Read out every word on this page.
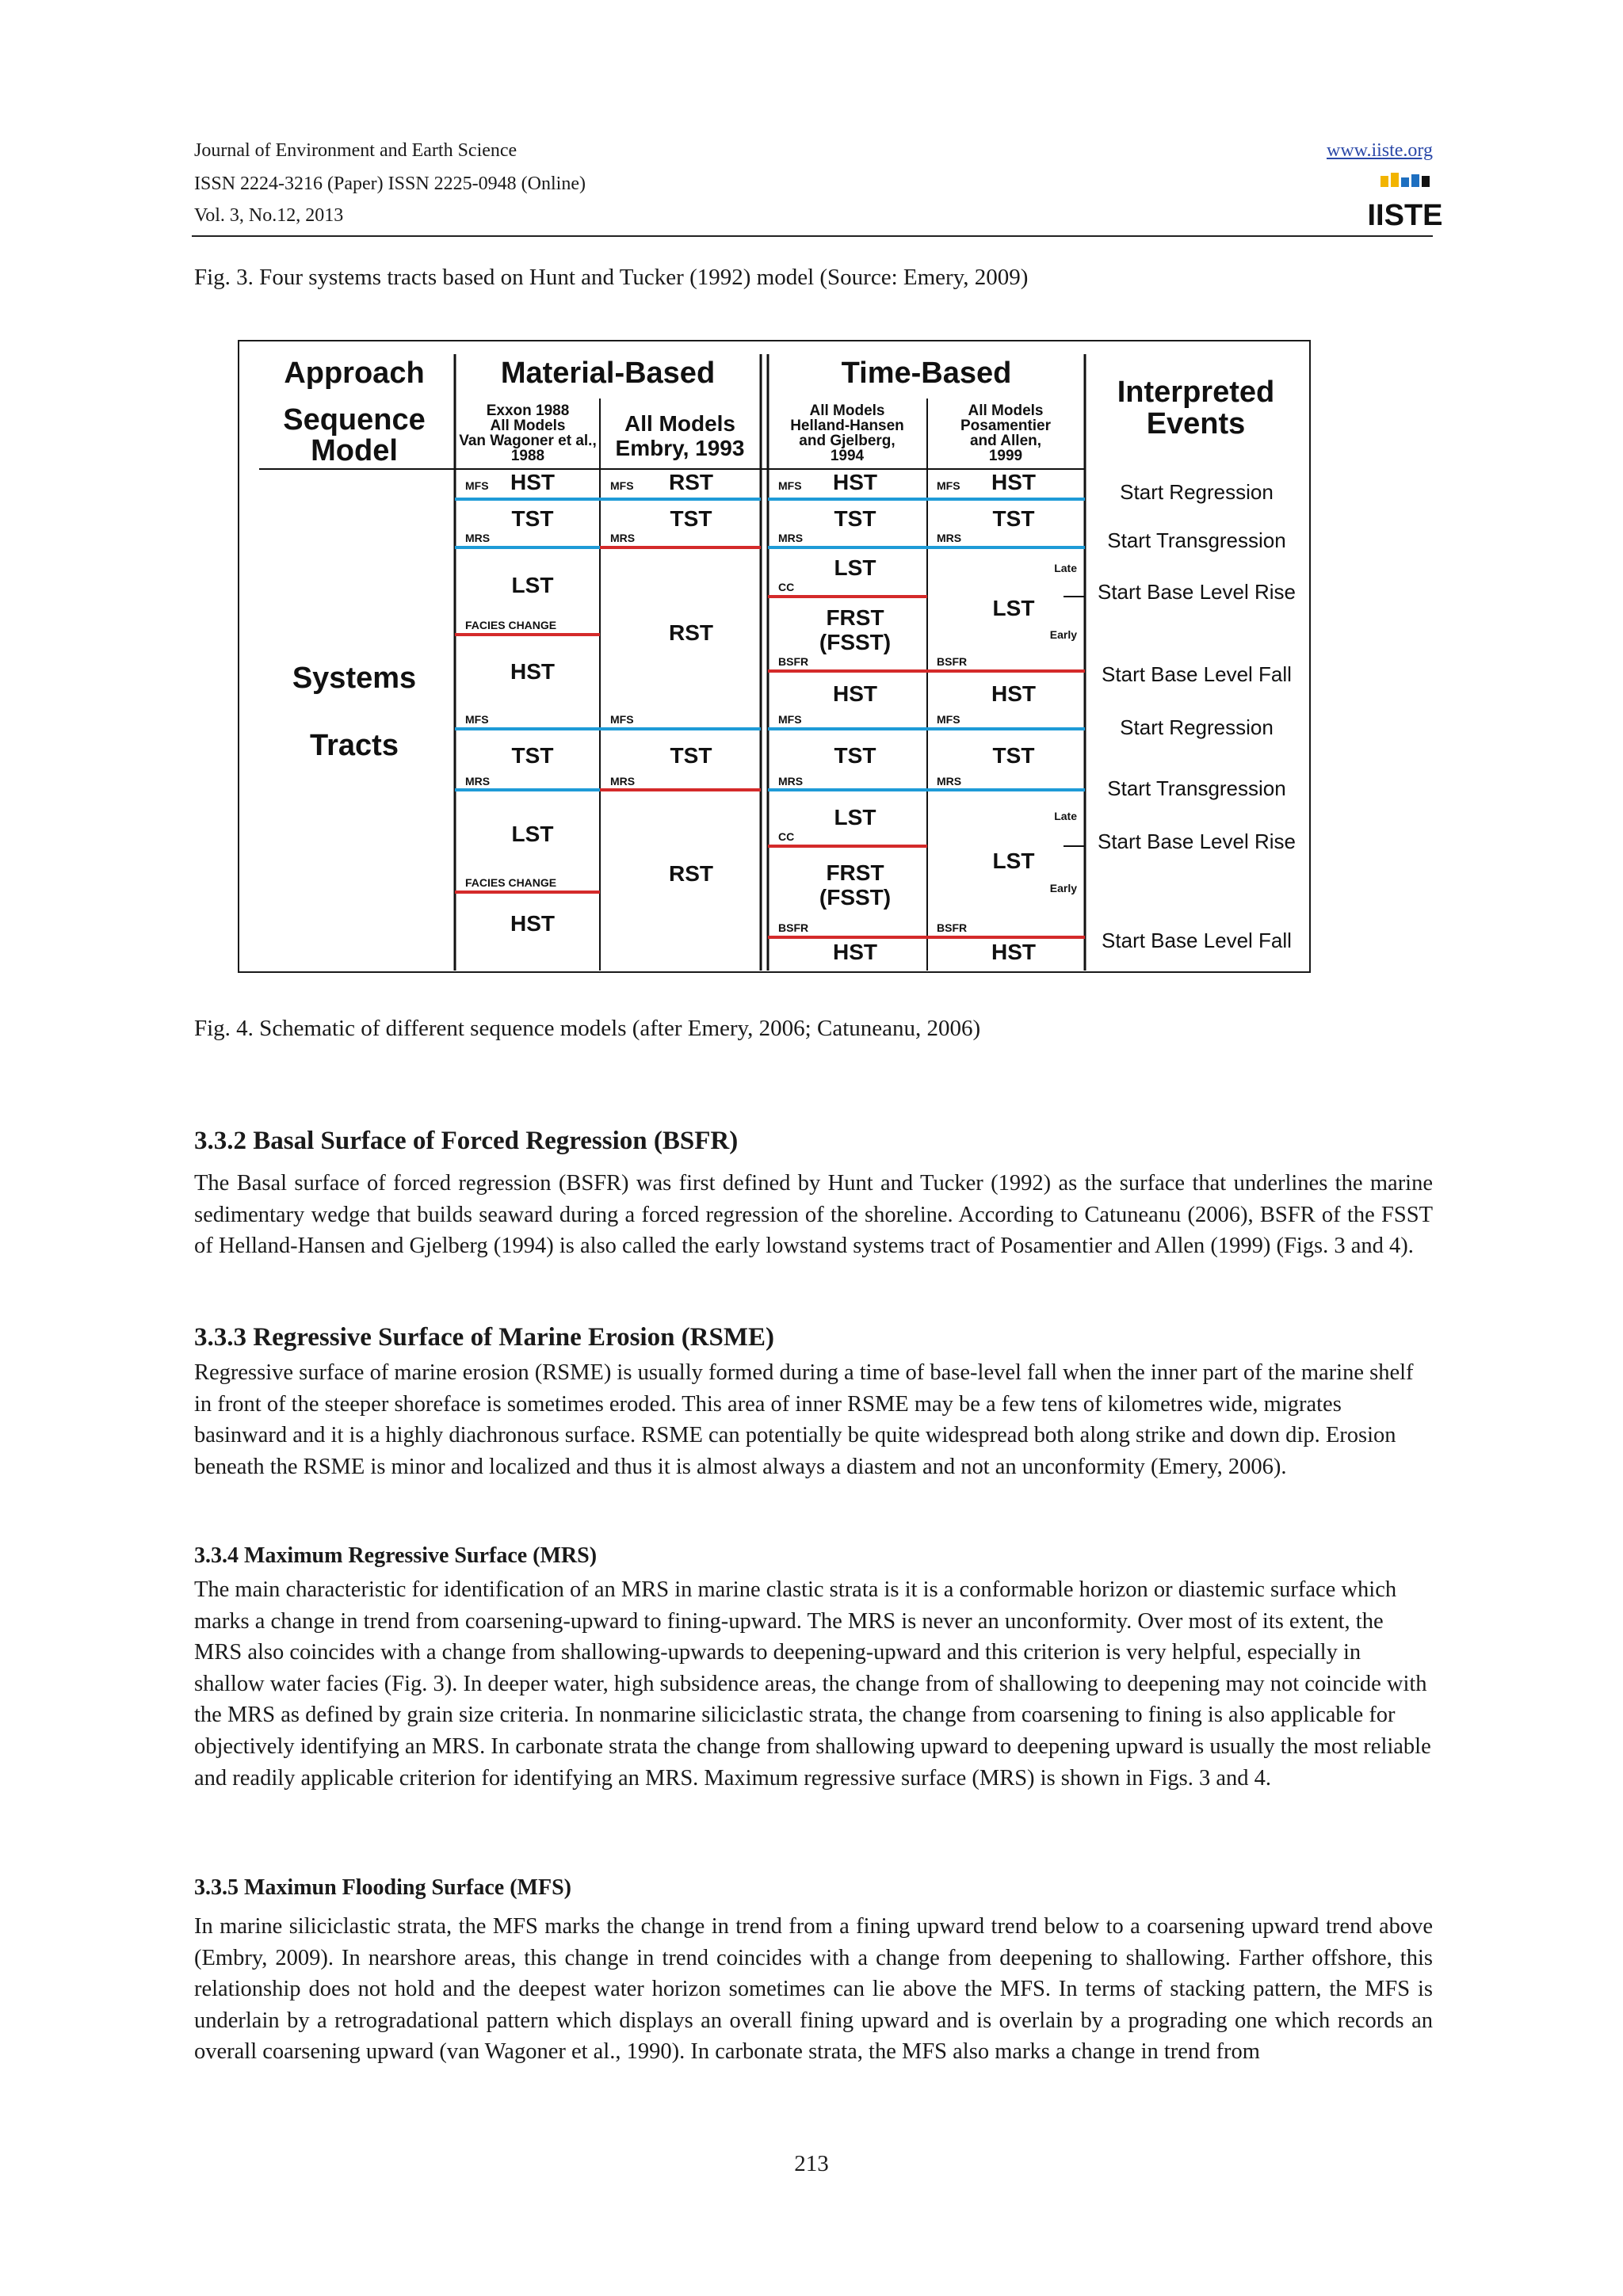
Journal of Environment and Earth Science
ISSN 2224-3216 (Paper) ISSN 2225-0948 (Online)
Vol. 3, No.12, 2013
www.iiste.org
IISTE
Fig. 3. Four systems tracts based on Hunt and Tucker (1992) model (Source: Emery, 2009)
Approach
Sequence
Model
Systems
Tracts
Material-Based	Time-Based
Interpreted
Events
Exxon 1988
All Models
Van Wagoner et al.,
1988
All Models
Embry, 1993
All Models
Helland-Hansen
and Gjelberg,
1994
All Models
Posamentier
and Allen,
1999
MFS HST
TST
MRS
LST
FACIES CHANGE
HST
MFS
TST
MRS
LST
FACIES CHANGE
HST
MFS RST
TST
MRS
RST
MFS
TST
MRS
RST
MFS HST
TST
MRS
LST
CC
FRST
(FSST)
BSFR
HST
MFS
TST
MRS
LST
CC
FRST
(FSST)
BSFR
HST
MFS HST
TST
MRS
Late
LST
Early
BSFR
HST
MFS
TST
MRS
Late
LST
Early
BSFR
HST
Start Regression
Start Transgression
Start Base Level Rise
Start Base Level Fall
Start Regression
Start Transgression
Start Base Level Rise
Start Base Level Fall
Fig. 4. Schematic of different sequence models (after Emery, 2006; Catuneanu, 2006)
3.3.2 Basal Surface of Forced Regression (BSFR)
The Basal surface of forced regression (BSFR) was first defined by Hunt and Tucker (1992) as the surface that underlines the marine sedimentary wedge that builds seaward during a forced regression of the shoreline. According to Catuneanu (2006), BSFR of the FSST of Helland-Hansen and Gjelberg (1994) is also called the early lowstand systems tract of Posamentier and Allen (1999) (Figs. 3 and 4).
3.3.3 Regressive Surface of Marine Erosion (RSME)
Regressive surface of marine erosion (RSME) is usually formed during a time of base-level fall when the inner part of the marine shelf in front of the steeper shoreface is sometimes eroded. This area of inner RSME may be a few tens of kilometres wide, migrates basinward and it is a highly diachronous surface. RSME can potentially be quite widespread both along strike and down dip. Erosion beneath the RSME is minor and localized and thus it is almost always a diastem and not an unconformity (Emery, 2006).
3.3.4 Maximum Regressive Surface (MRS)
The main characteristic for identification of an MRS in marine clastic strata is it is a conformable horizon or diastemic surface which marks a change in trend from coarsening-upward to fining-upward. The MRS is never an unconformity. Over most of its extent, the MRS also coincides with a change from shallowing-upwards to deepening-upward and this criterion is very helpful, especially in shallow water facies (Fig. 3). In deeper water, high subsidence areas, the change from of shallowing to deepening may not coincide with the MRS as defined by grain size criteria. In nonmarine siliciclastic strata, the change from coarsening to fining is also applicable for objectively identifying an MRS. In carbonate strata the change from shallowing upward to deepening upward is usually the most reliable and readily applicable criterion for identifying an MRS. Maximum regressive surface (MRS) is shown in Figs. 3 and 4.
3.3.5 Maximun Flooding Surface (MFS)
In marine siliciclastic strata, the MFS marks the change in trend from a fining upward trend below to a coarsening upward trend above (Embry, 2009). In nearshore areas, this change in trend coincides with a change from deepening to shallowing. Farther offshore, this relationship does not hold and the deepest water horizon sometimes can lie above the MFS. In terms of stacking pattern, the MFS is underlain by a retrogradational pattern which displays an overall fining upward and is overlain by a prograding one which records an overall coarsening upward (van Wagoner et al., 1990). In carbonate strata, the MFS also marks a change in trend from
213
